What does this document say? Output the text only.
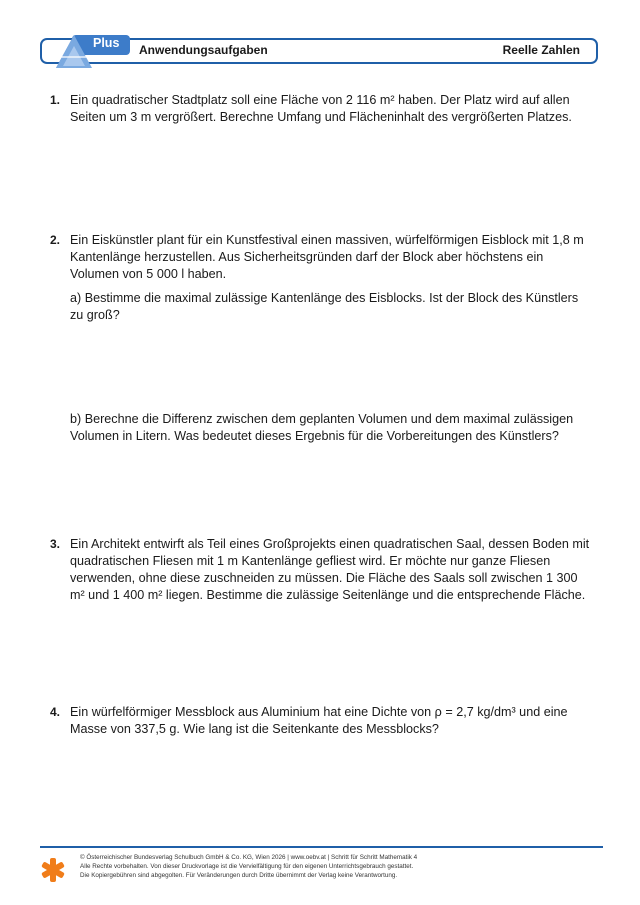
Plus Anwendungsaufgaben	Reelle Zahlen
1. Ein quadratischer Stadtplatz soll eine Fläche von 2 116 m² haben. Der Platz wird auf allen Seiten um 3 m vergrößert. Berechne Umfang und Flächeninhalt des vergrößerten Platzes.
2. Ein Eiskünstler plant für ein Kunstfestival einen massiven, würfelförmigen Eisblock mit 1,8 m Kantenlänge herzustellen. Aus Sicherheitsgründen darf der Block aber höchstens ein Volumen von 5 000 l haben.
a) Bestimme die maximal zulässige Kantenlänge des Eisblocks. Ist der Block des Künstlers zu groß?
b) Berechne die Differenz zwischen dem geplanten Volumen und dem maximal zulässigen Volumen in Litern. Was bedeutet dieses Ergebnis für die Vorbereitungen des Künstlers?
3. Ein Architekt entwirft als Teil eines Großprojekts einen quadratischen Saal, dessen Boden mit quadratischen Fliesen mit 1 m Kantenlänge gefliest wird. Er möchte nur ganze Fliesen verwenden, ohne diese zuschneiden zu müssen. Die Fläche des Saals soll zwischen 1 300 m² und 1 400 m² liegen. Bestimme die zulässige Seitenlänge und die entsprechende Fläche.
4. Ein würfelförmiger Messblock aus Aluminium hat eine Dichte von ρ = 2,7 kg/dm³ und eine Masse von 337,5 g. Wie lang ist die Seitenkante des Messblocks?
© Österreichischer Bundesverlag Schulbuch GmbH & Co. KG, Wien 2026 | www.oebv.at | Schritt für Schritt Mathematik 4
Alle Rechte vorbehalten. Von dieser Druckvorlage ist die Vervielfältigung für den eigenen Unterrichtsgebrauch gestattet.
Die Kopiergebühren sind abgegolten. Für Veränderungen durch Dritte übernimmt der Verlag keine Verantwortung.
